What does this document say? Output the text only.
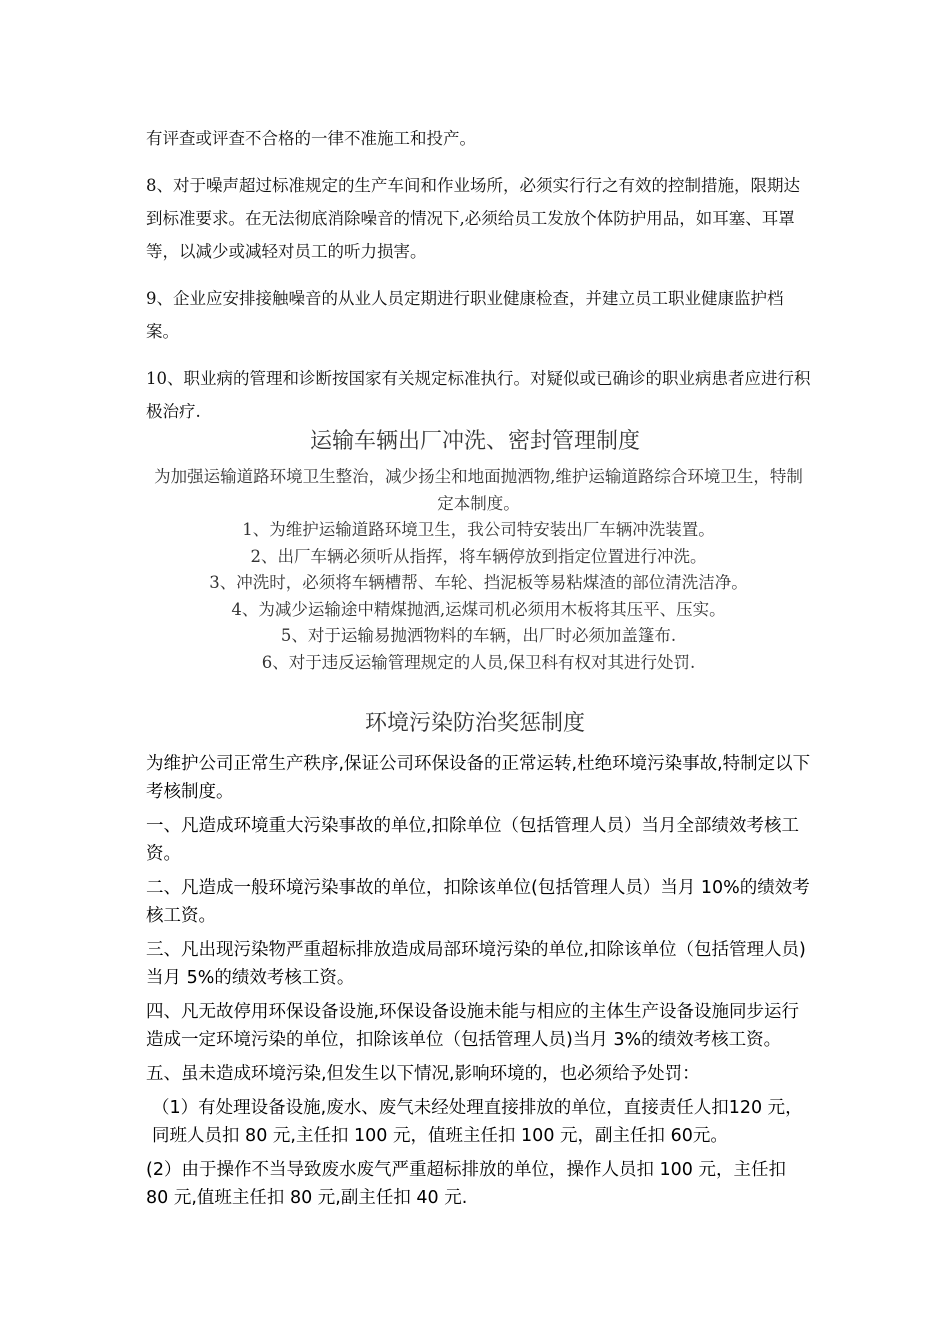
有评查或评查不合格的一律不准施工和投产。

8、对于噪声超过标准规定的生产车间和作业场所，必须实行行之有效的控制措施，限期达到标准要求。在无法彻底消除噪音的情况下,必须给员工发放个体防护用品，如耳塞、耳罩等，以减少或减轻对员工的听力损害。

9、企业应安排接触噪音的从业人员定期进行职业健康检查，并建立员工职业健康监护档案。

10、职业病的管理和诊断按国家有关规定标准执行。对疑似或已确诊的职业病患者应进行积极治疗.

运输车辆出厂冲洗、密封管理制度

为加强运输道路环境卫生整治，减少扬尘和地面抛洒物,维护运输道路综合环境卫生，特制定本制度。

1、为维护运输道路环境卫生，我公司特安装出厂车辆冲洗装置。

2、出厂车辆必须听从指挥，将车辆停放到指定位置进行冲洗。

3、冲洗时，必须将车辆槽帮、车轮、挡泥板等易粘煤渣的部位清洗洁净。

4、为减少运输途中精煤抛洒,运煤司机必须用木板将其压平、压实。

5、对于运输易抛洒物料的车辆，出厂时必须加盖篷布.

6、对于违反运输管理规定的人员,保卫科有权对其进行处罚.

环境污染防治奖惩制度

为维护公司正常生产秩序,保证公司环保设备的正常运转,杜绝环境污染事故,特制定以下考核制度。

一、凡造成环境重大污染事故的单位,扣除单位（包括管理人员）当月全部绩效考核工资。

二、凡造成一般环境污染事故的单位，扣除该单位(包括管理人员）当月 10%的绩效考核工资。

三、凡出现污染物严重超标排放造成局部环境污染的单位,扣除该单位（包括管理人员)当月 5%的绩效考核工资。

四、凡无故停用环保设备设施,环保设备设施未能与相应的主体生产设备设施同步运行造成一定环境污染的单位，扣除该单位（包括管理人员)当月 3%的绩效考核工资。

五、虽未造成环境污染,但发生以下情况,影响环境的，也必须给予处罚：

（1）有处理设备设施,废水、废气未经处理直接排放的单位，直接责任人扣120 元，同班人员扣 80 元,主任扣 100 元，值班主任扣 100 元，副主任扣 60元。

(2）由于操作不当导致废水废气严重超标排放的单位，操作人员扣 100 元，主任扣 80 元,值班主任扣 80 元,副主任扣 40 元.
